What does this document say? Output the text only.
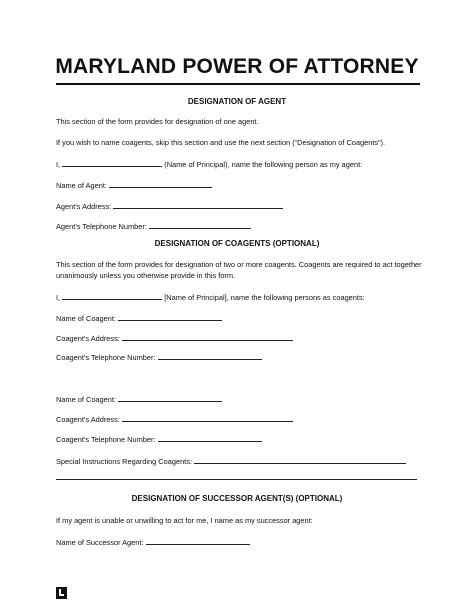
MARYLAND POWER OF ATTORNEY
DESIGNATION OF AGENT
This section of the form provides for designation of one agent.
If you wish to name coagents, skip this section and use the next section (“Designation of Coagents”).
I,	(Name of Principal), name the following person as my agent:
Name of Agent:
Agent's Address:
Agent's Telephone Number:
DESIGNATION OF COAGENTS (OPTIONAL)
This section of the form provides for designation of two or more coagents. Coagents are required to act together unanimously unless you otherwise provide in this form.
I,	[Name of Principal], name the following persons as coagents:
Name of Coagent:
Coagent's Address:
Coagent's Telephone Number:
Name of Coagent:
Coagent's Address:
Coagent's Telephone Number:
Special Instructions Regarding Coagents:
DESIGNATION OF SUCCESSOR AGENT(S) (OPTIONAL)
If my agent is unable or unwilling to act for me, I name as my successor agent:
Name of Successor Agent:
